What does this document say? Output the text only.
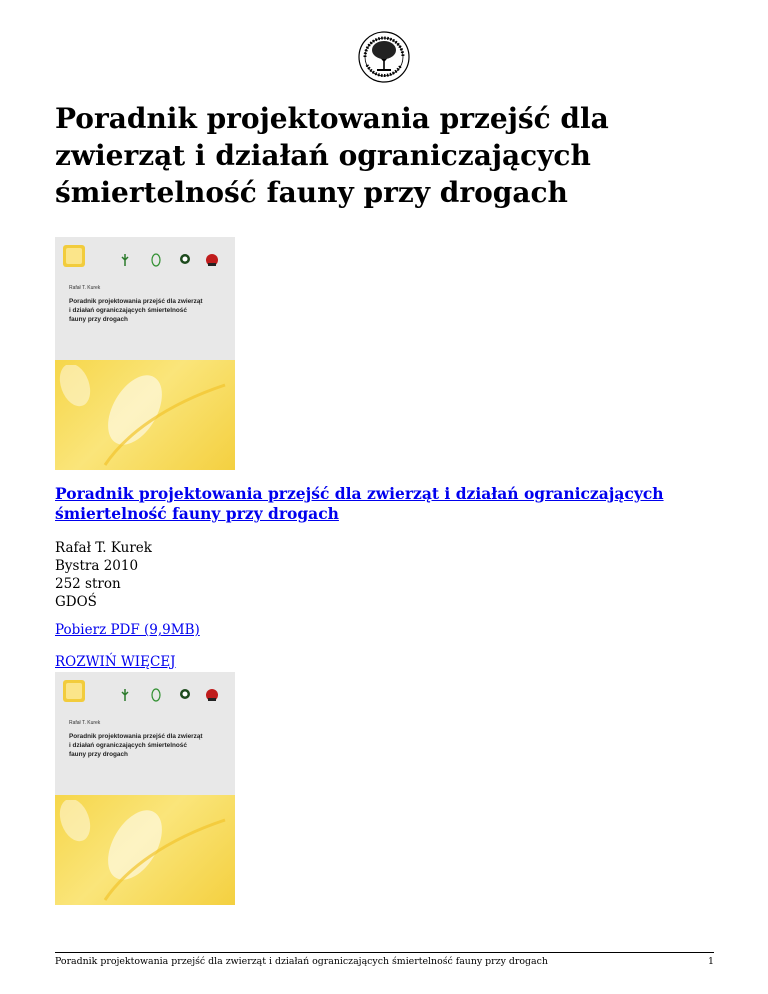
Poradnik projektowania przejść dla zwierząt i działań ograniczających śmiertelność fauny przy drogach
Rafał T. Kurek
Poradnik projektowania przejść dla zwierząt
i działań ograniczających śmiertelność
fauny przy drogach
Poradnik projektowania przejść dla zwierząt i działań ograniczających śmiertelność fauny przy drogach
Rafał T. Kurek
Bystra 2010
252 stron
GDOŚ
Pobierz PDF (9,9MB)
ROZWIŃ WIĘCEJ
Rafał T. Kurek
Poradnik projektowania przejść dla zwierząt
i działań ograniczających śmiertelność
fauny przy drogach
Poradnik projektowania przejść dla zwierząt i działań ograniczających śmiertelność fauny przy drogach	1
